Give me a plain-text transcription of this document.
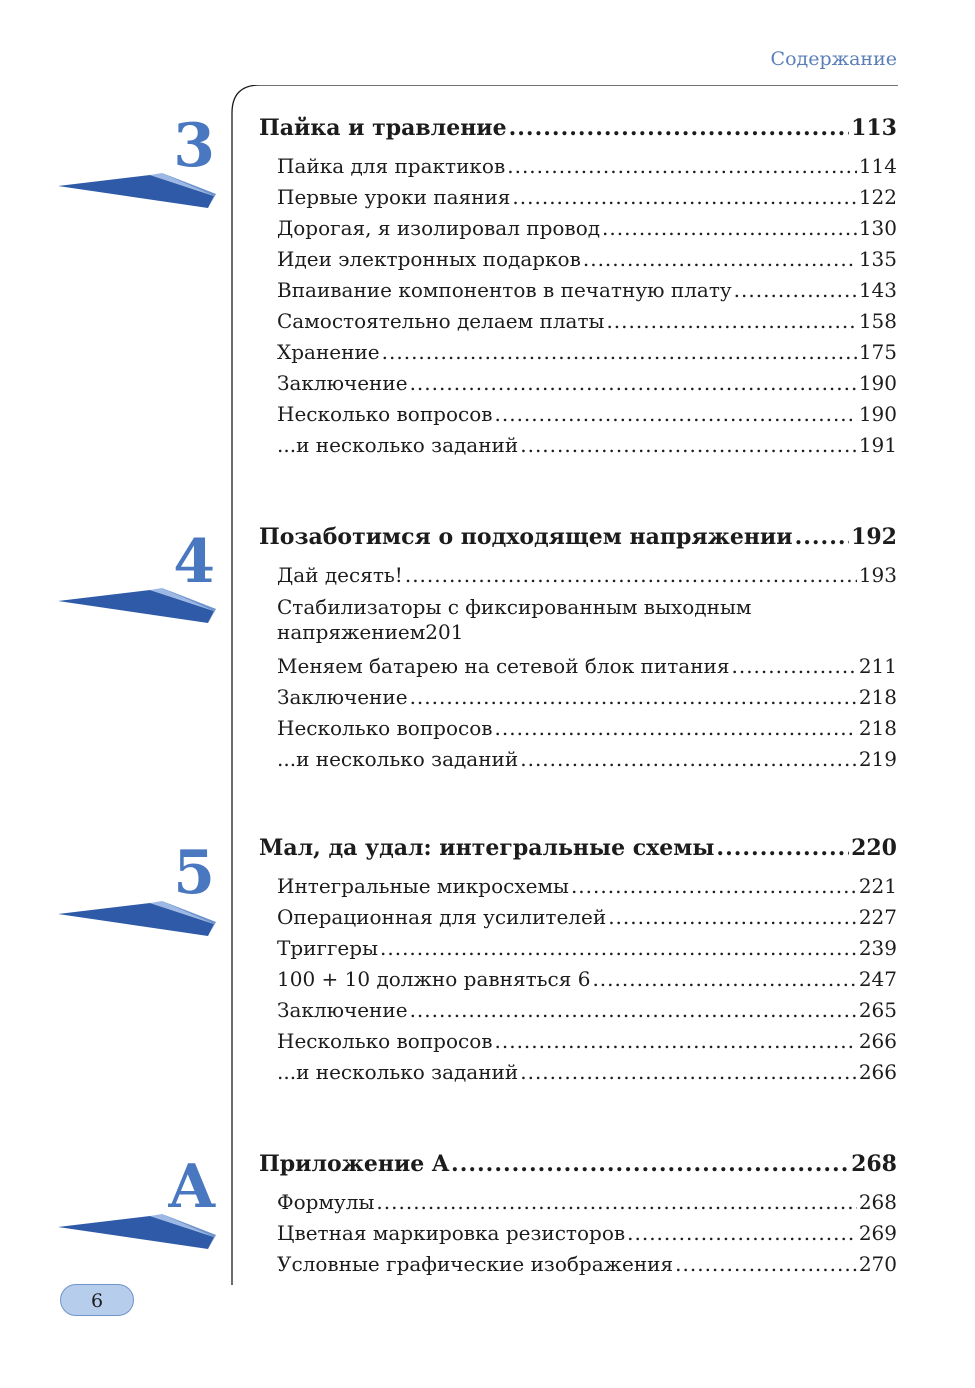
Содержание
3 Пайка и травление .....	113
Пайка для практиков .....	114
Первые уроки паяния .....	122
Дорогая, я изолировал провод .....	130
Идеи электронных подарков .....	135
Впаивание компонентов в печатную плату .....	143
Самостоятельно делаем платы .....	158
Хранение .....	175
Заключение .....	190
Несколько вопросов .....	190
...и несколько заданий .....	191
4 Позаботимся о подходящем напряжении .....	192
Дай десять! .....	193
Стабилизаторы с фиксированным выходным
напряжением 201
Меняем батарею на сетевой блок питания .....	211
Заключение .....	218
Несколько вопросов .....	218
...и несколько заданий .....	219
5 Мал, да удал: интегральные схемы .....	220
Интегральные микросхемы .....	221
Операционная для усилителей .....	227
Триггеры .....	239
100 + 10 должно равняться 6 .....	247
Заключение .....	265
Несколько вопросов .....	266
...и несколько заданий .....	266
A Приложение A .....	268
Формулы .....	268
Цветная маркировка резисторов .....	269
Условные графические изображения .....	270
6
